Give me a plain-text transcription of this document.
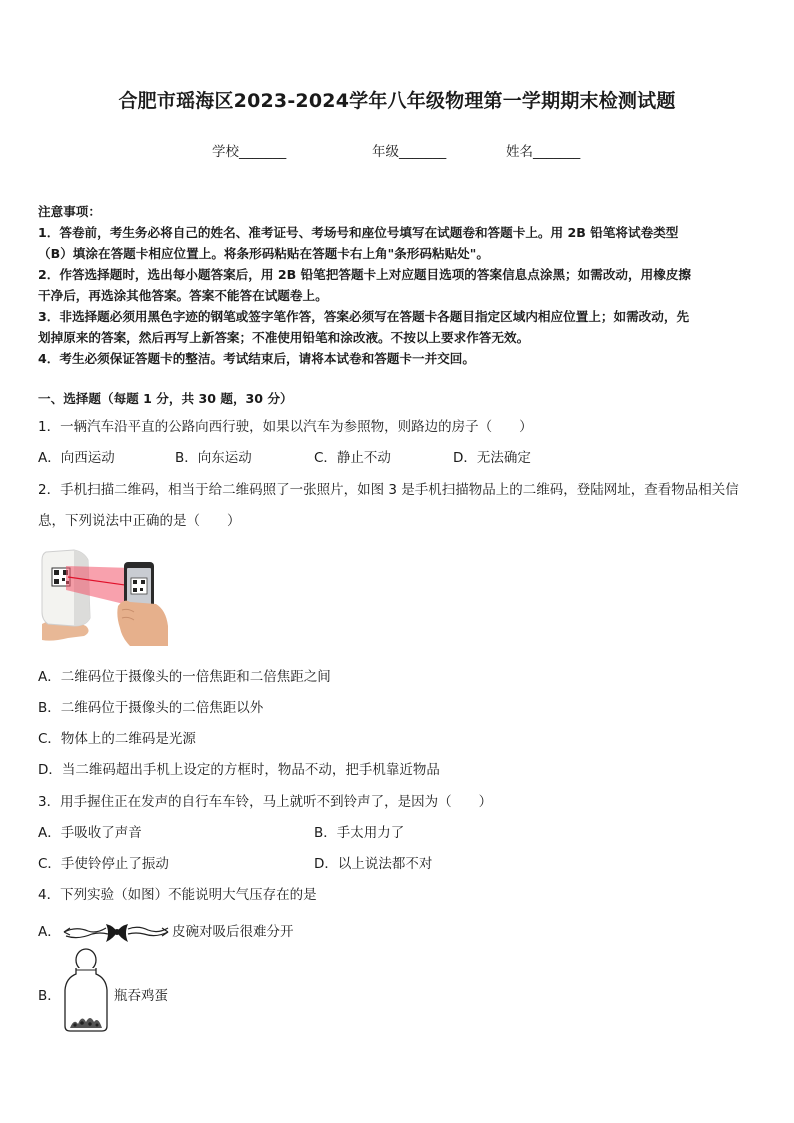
合肥市瑶海区2023-2024学年八年级物理第一学期期末检测试题
学校_______	年级_______	姓名_______
注意事项：
1．答卷前，考生务必将自己的姓名、准考证号、考场号和座位号填写在试题卷和答题卡上。用 2B 铅笔将试卷类型
（B）填涂在答题卡相应位置上。将条形码粘贴在答题卡右上角"条形码粘贴处"。
2．作答选择题时，选出每小题答案后，用 2B 铅笔把答题卡上对应题目选项的答案信息点涂黑；如需改动，用橡皮擦
干净后，再选涂其他答案。答案不能答在试题卷上。
3．非选择题必须用黑色字迹的钢笔或签字笔作答，答案必须写在答题卡各题目指定区域内相应位置上；如需改动，先
划掉原来的答案，然后再写上新答案；不准使用铅笔和涂改液。不按以上要求作答无效。
4．考生必须保证答题卡的整洁。考试结束后，请将本试卷和答题卡一并交回。
一、选择题（每题 1 分，共 30 题，30 分）
1．一辆汽车沿平直的公路向西行驶，如果以汽车为参照物，则路边的房子（　　）
A．向西运动	B．向东运动	C．静止不动	D．无法确定
2．手机扫描二维码，相当于给二维码照了一张照片，如图 3 是手机扫描物品上的二维码，登陆网址，查看物品相关信
息，下列说法中正确的是（　　）
A．二维码位于摄像头的一倍焦距和二倍焦距之间
B．二维码位于摄像头的二倍焦距以外
C．物体上的二维码是光源
D．当二维码超出手机上设定的方框时，物品不动，把手机靠近物品
3．用手握住正在发声的自行车车铃，马上就听不到铃声了，是因为（　　）
A．手吸收了声音	B．手太用力了
C．手使铃停止了振动	D．以上说法都不对
4．下列实验（如图）不能说明大气压存在的是
A．	皮碗对吸后很难分开
B．	瓶吞鸡蛋
